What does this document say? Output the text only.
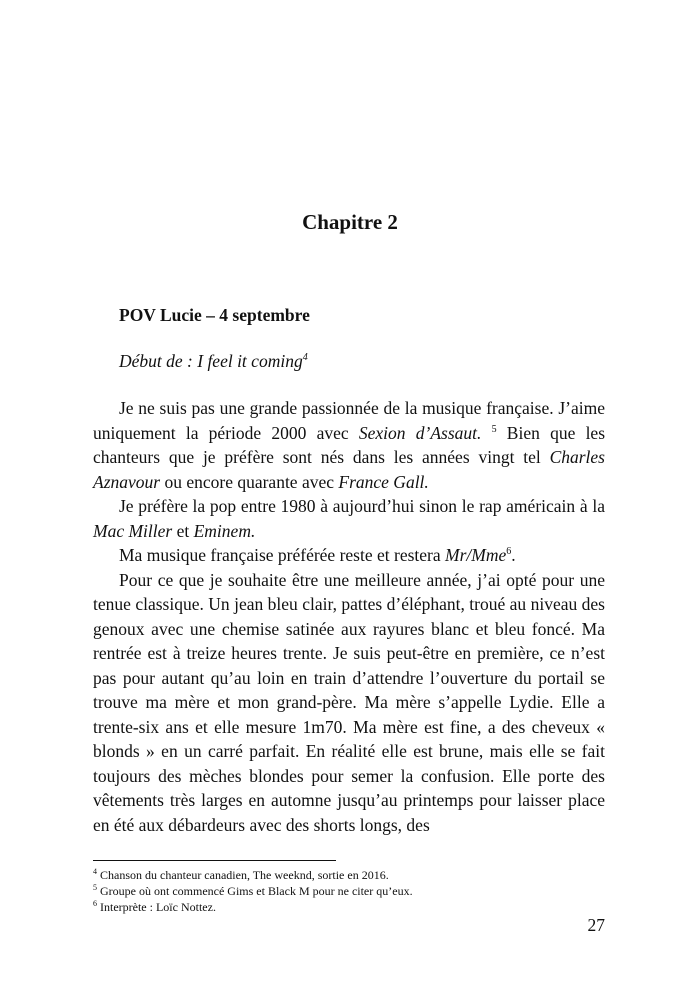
Chapitre 2
POV Lucie – 4 septembre
Début de : I feel it coming$^4$

Je ne suis pas une grande passionnée de la musique française. J’aime uniquement la période 2000 avec Sexion d’Assaut. $^5$ Bien que les chanteurs que je préfère sont nés dans les années vingt tel Charles Aznavour ou encore quarante avec France Gall.

Je préfère la pop entre 1980 à aujourd’hui sinon le rap américain à la Mac Miller et Eminem.

Ma musique française préférée reste et restera Mr/Mme$^6$.

Pour ce que je souhaite être une meilleure année, j’ai opté pour une tenue classique. Un jean bleu clair, pattes d’éléphant, troué au niveau des genoux avec une chemise satinée aux rayures blanc et bleu foncé. Ma rentrée est à treize heures trente. Je suis peut-être en première, ce n’est pas pour autant qu’au loin en train d’attendre l’ouverture du portail se trouve ma mère et mon grand-père. Ma mère s’appelle Lydie. Elle a trente-six ans et elle mesure 1m70. Ma mère est fine, a des cheveux « blonds » en un carré parfait. En réalité elle est brune, mais elle se fait toujours des mèches blondes pour semer la confusion. Elle porte des vêtements très larges en automne jusqu’au printemps pour laisser place en été aux débardeurs avec des shorts longs, des

$^4$ Chanson du chanteur canadien, The weeknd, sortie en 2016.
$^5$ Groupe où ont commencé Gims et Black M pour ne citer qu’eux.
$^6$ Interprète : Loïc Nottez.
27
